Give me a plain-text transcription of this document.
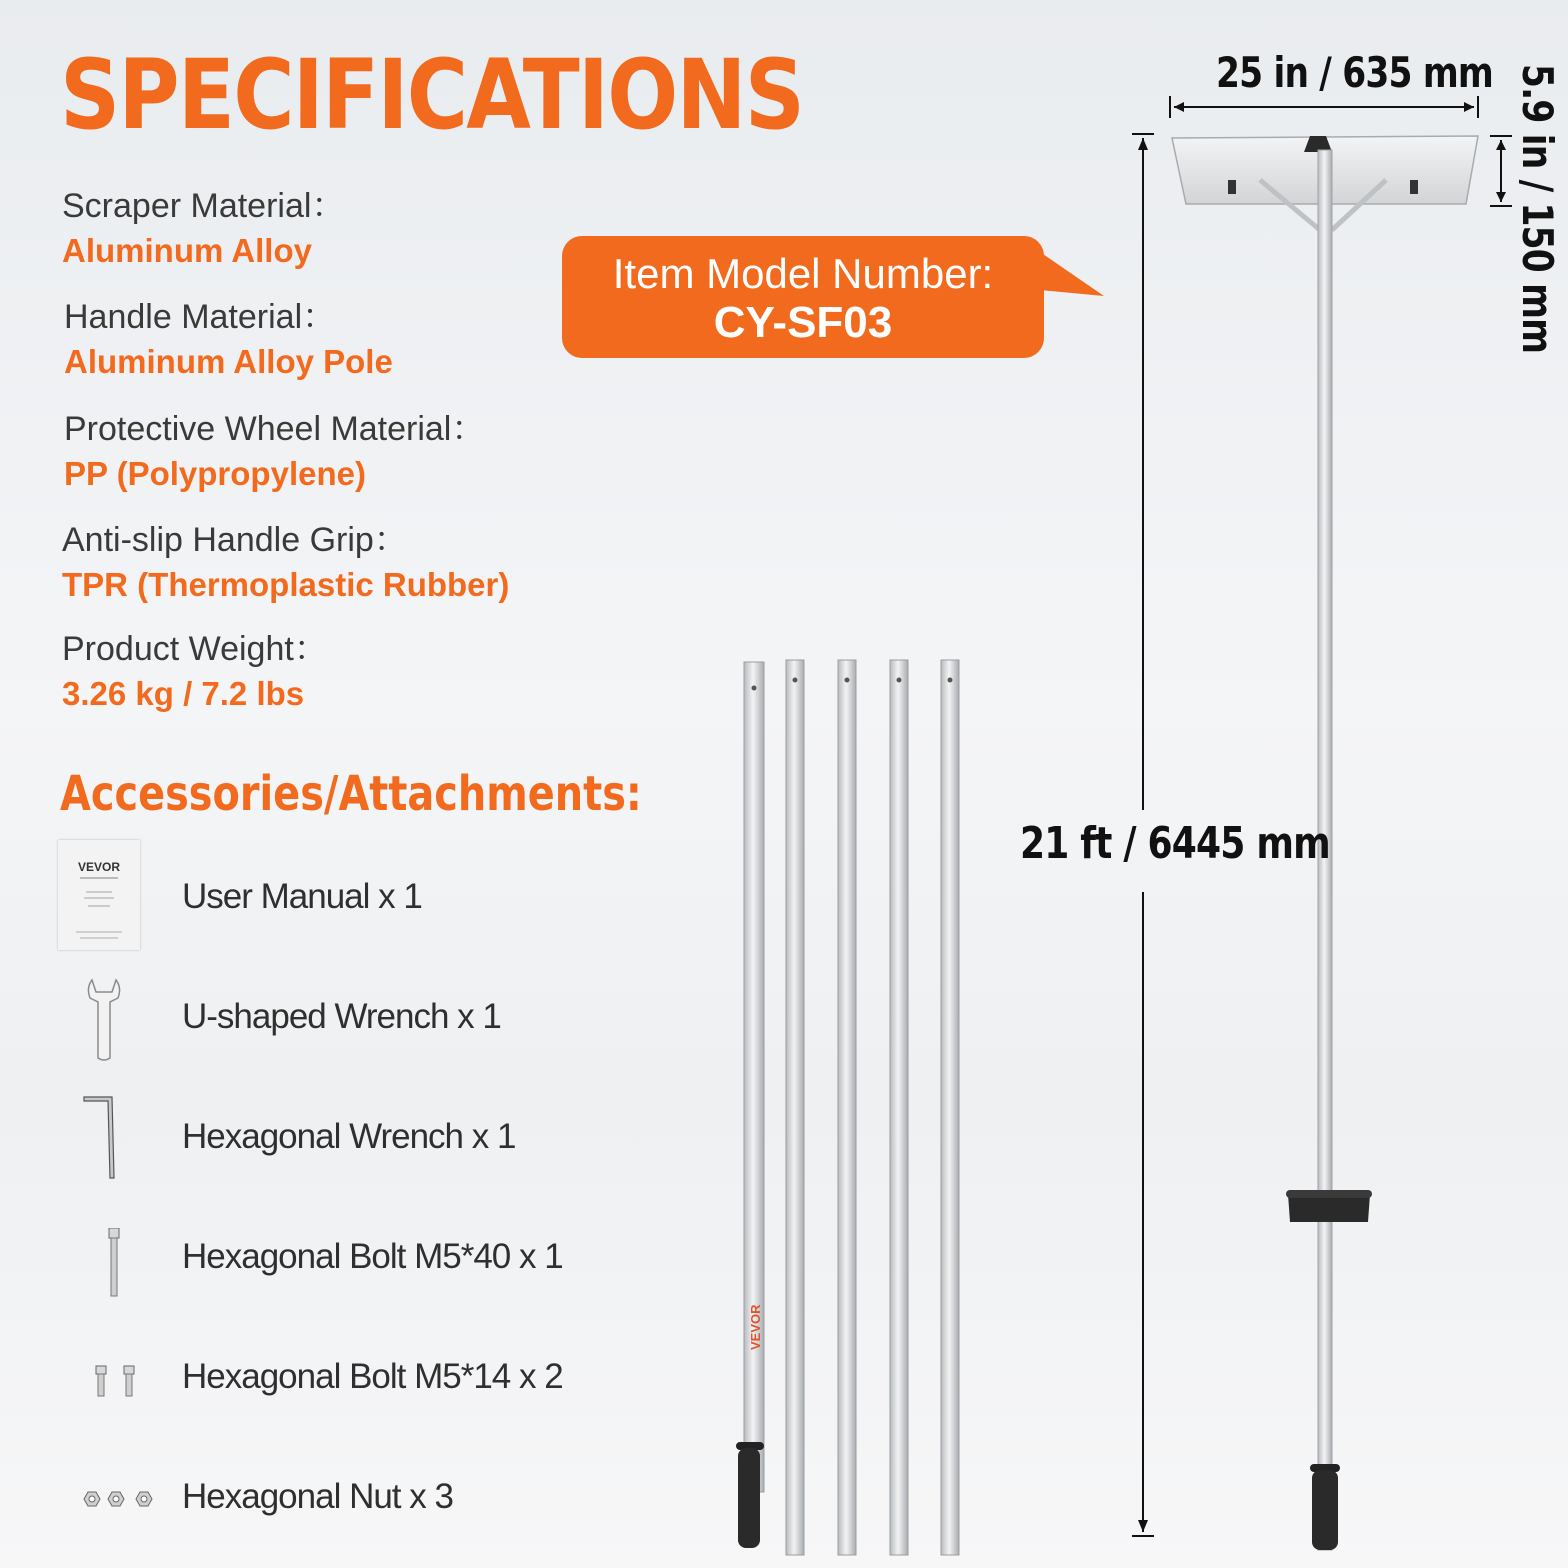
SPECIFICATIONS
Scraper Material：
Aluminum Alloy
Handle Material：
Aluminum Alloy Pole
Protective Wheel Material：
PP (Polypropylene)
Anti-slip Handle Grip：
TPR (Thermoplastic Rubber)
Product Weight：
3.26 kg / 7.2 lbs
Accessories/Attachments:
VEVOR
User Manual x 1
U-shaped Wrench x 1
Hexagonal Wrench x 1
Hexagonal Bolt M5*40 x 1
Hexagonal Bolt M5*14 x 2
Hexagonal Nut x 3
Item Model Number:
CY-SF03
VEVOR
25 in / 635 mm 5.9 in / 150 mm
21 ft / 6445 mm
